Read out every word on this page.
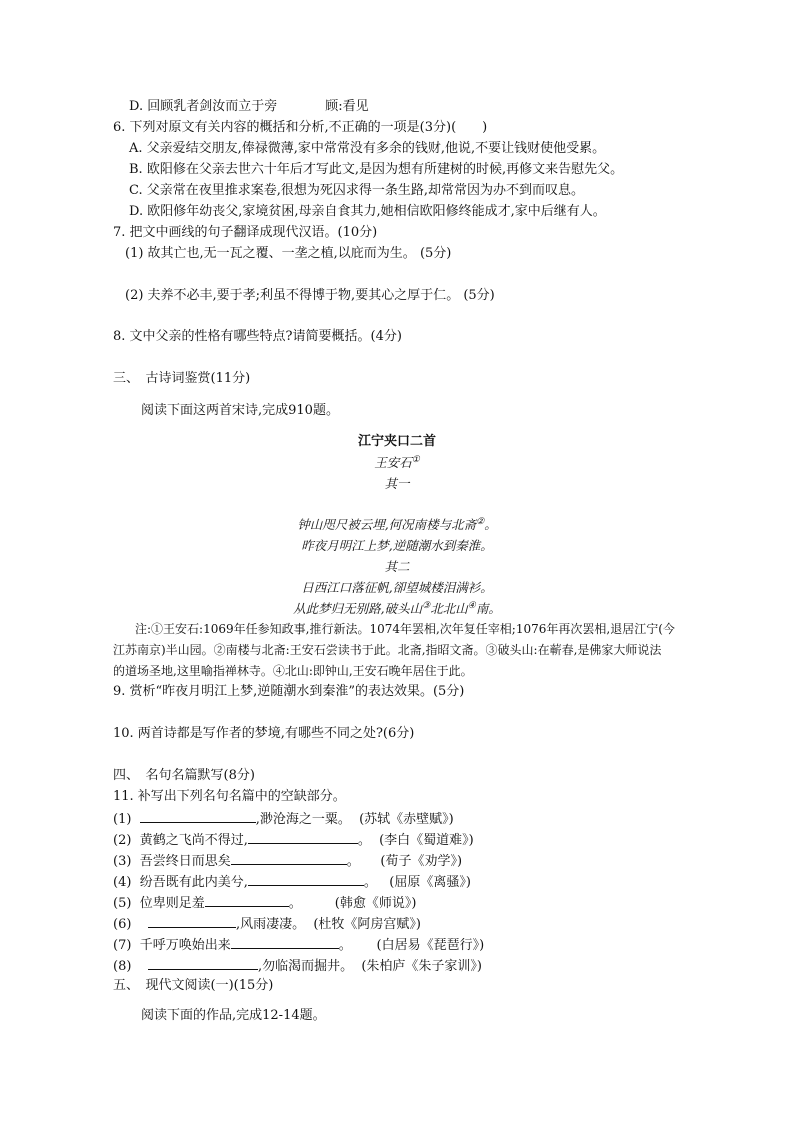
D. 回顾乳者剑汝而立于旁	顾:看见
6. 下列对原文有关内容的概括和分析,不正确的一项是(3分)(　　)
A. 父亲爱结交朋友,俸禄微薄,家中常常没有多余的钱财,他说,不要让钱财使他受累。
B. 欧阳修在父亲去世六十年后才写此文,是因为想有所建树的时候,再修文来告慰先父。
C. 父亲常在夜里推求案卷,很想为死囚求得一条生路,却常常因为办不到而叹息。
D. 欧阳修年幼丧父,家境贫困,母亲自食其力,她相信欧阳修终能成才,家中后继有人。
7. 把文中画线的句子翻译成现代汉语。(10分)
(1) 故其亡也,无一瓦之覆、一垄之植,以庇而为生。 (5分)
(2) 夫养不必丰,要于孝;利虽不得博于物,要其心之厚于仁。 (5分)
8. 文中父亲的性格有哪些特点?请简要概括。(4分)
三、　古诗词鉴赏(11分)
阅读下面这两首宋诗,完成910题。
江宁夹口二首
王安石①
其一
钟山咫尺被云埋,何况南楼与北斋②。
昨夜月明江上梦,逆随潮水到秦淮。
其二
日西江口落征帆,卻望城楼泪满衫。
从此梦归无别路,破头山③北北山④南。
注:①王安石:1069年任参知政事,推行新法。1074年罢相,次年复任宰相;1076年再次罢相,退居江宁(今
江苏南京)半山园。②南楼与北斋:王安石尝读书于此。北斋,指昭文斋。③破头山:在蕲春,是佛家大师说法
的道场圣地,这里喻指禅林寺。④北山:即钟山,王安石晚年居住于此。
9. 赏析“昨夜月明江上梦,逆随潮水到秦淮”的表达效果。(5分)
10. 两首诗都是写作者的梦境,有哪些不同之处?(6分)
四、　名句名篇默写(8分)
11. 补写出下列名句名篇中的空缺部分。
(1)	,渺沧海之一粟。 (苏轼《赤壁赋》)
(2) 黄鹤之飞尚不得过,	。 (李白《蜀道难》)
(3) 吾尝终日而思矣	。 (荀子《劝学》)
(4) 纷吾既有此内美兮,	。 (屈原《离骚》)
(5) 位卑则足羞	。	(韩愈《师说》)
(6)	,风雨凄凄。 (杜牧《阿房宫赋》)
(7) 千呼万唤始出来	。 (白居易《琵琶行》)
(8)	,勿临渴而掘井。 (朱柏庐《朱子家训》)
五、　现代文阅读(一)(15分)
阅读下面的作品,完成12-14题。
